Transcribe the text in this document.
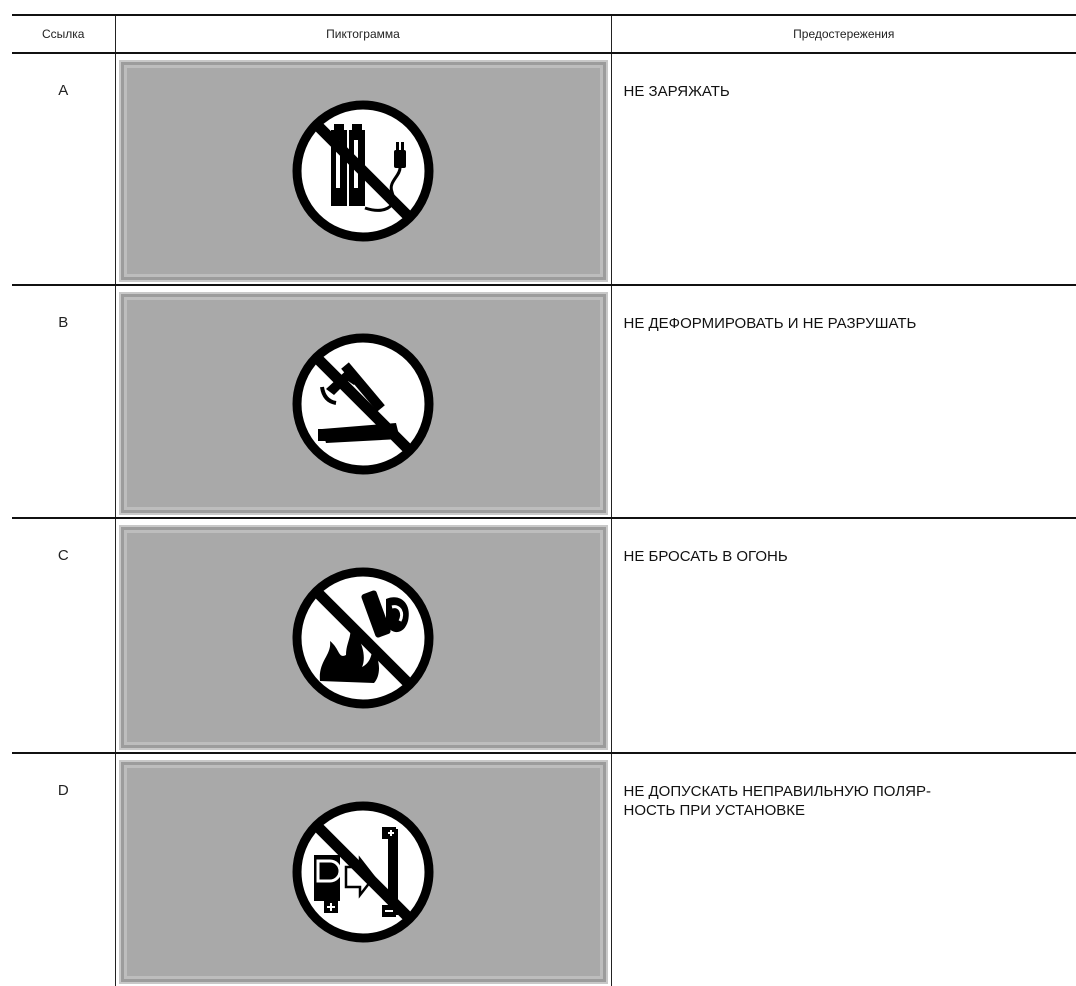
Ссылка	Пиктограмма	Предостережения
A		НЕ ЗАРЯЖАТЬ
B		НЕ ДЕФОРМИРОВАТЬ И НЕ РАЗРУШАТЬ
C		НЕ БРОСАТЬ В ОГОНЬ
D		НЕ ДОПУСКАТЬ НЕПРАВИЛЬНУЮ ПОЛЯР-
НОСТЬ ПРИ УСТАНОВКЕ
